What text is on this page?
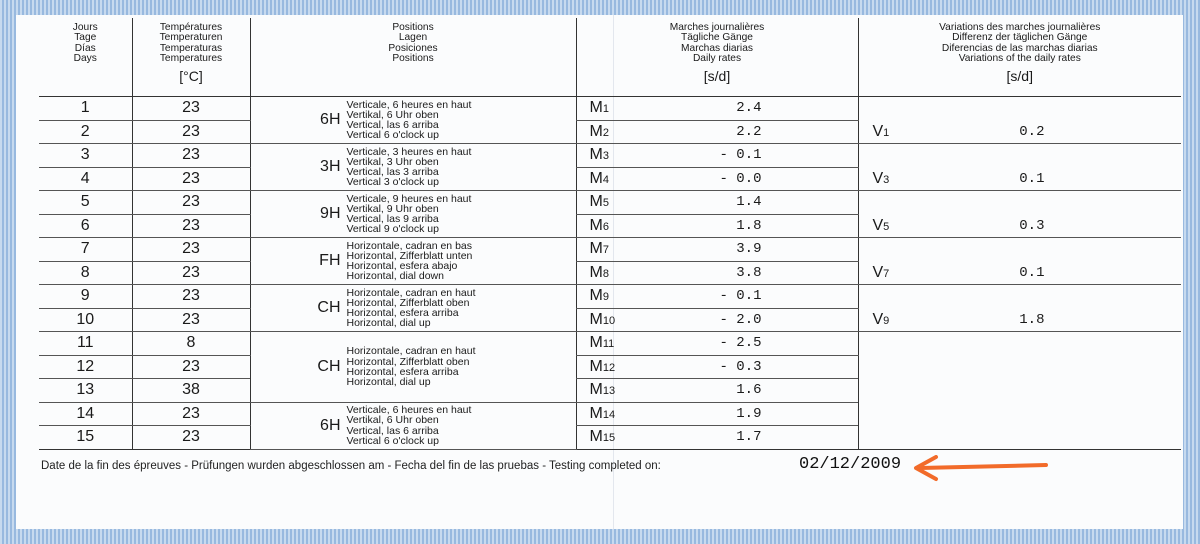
Jours
Tage
Días
Days	Températures
Temperaturen
Temperaturas
Temperatures
[°C]	Positions
Lagen
Posiciones
Positions	Marches journalières
Tägliche Gänge
Marchas diarias
Daily rates
[s/d]	Variations des marches journalières
Differenz der täglichen Gänge
Diferencias de las marchas diarias
Variations of the daily rates
[s/d]

1	23	6H
Verticale, 6 heures en haut
Vertikal, 6 Uhr oben
Vertical, las 6 arriba
Vertical 6 o'clock up	M1 2.4	V1 0.2

2	23		M2 2.2	

3	23	3H
Verticale, 3 heures en haut
Vertikal, 3 Uhr oben
Vertical, las 3 arriba
Vertical 3 o'clock up	M3 - 0.1	V3 0.1

4	23		M4 - 0.0	

5	23	9H
Verticale, 9 heures en haut
Vertikal, 9 Uhr oben
Vertical, las 9 arriba
Vertical 9 o'clock up	M5 1.4	V5 0.3

6	23		M6 1.8	

7	23	FH
Horizontale, cadran en bas
Horizontal, Zifferblatt unten
Horizontal, esfera abajo
Horizontal, dial down	M7 3.9	V7 0.1

8	23		M8 3.8	

9	23	CH
Horizontale, cadran en haut
Horizontal, Zifferblatt oben
Horizontal, esfera arriba
Horizontal, dial up	M9 - 0.1	V9 1.8

10	23		M10 - 2.0	

11	8	CH
Horizontale, cadran en haut
Horizontal, Zifferblatt oben
Horizontal, esfera arriba
Horizontal, dial up	M11 - 2.5	

12	23		M12 - 0.3	

13	38		M13 1.6	

14	23	6H
Verticale, 6 heures en haut
Vertikal, 6 Uhr oben
Vertical, las 6 arriba
Vertical 6 o'clock up	M14 1.9	

15	23		M15 1.7	
Date de la fin des épreuves - Prüfungen wurden abgeschlossen am - Fecha del fin de las pruebas - Testing completed on:	02/12/2009
